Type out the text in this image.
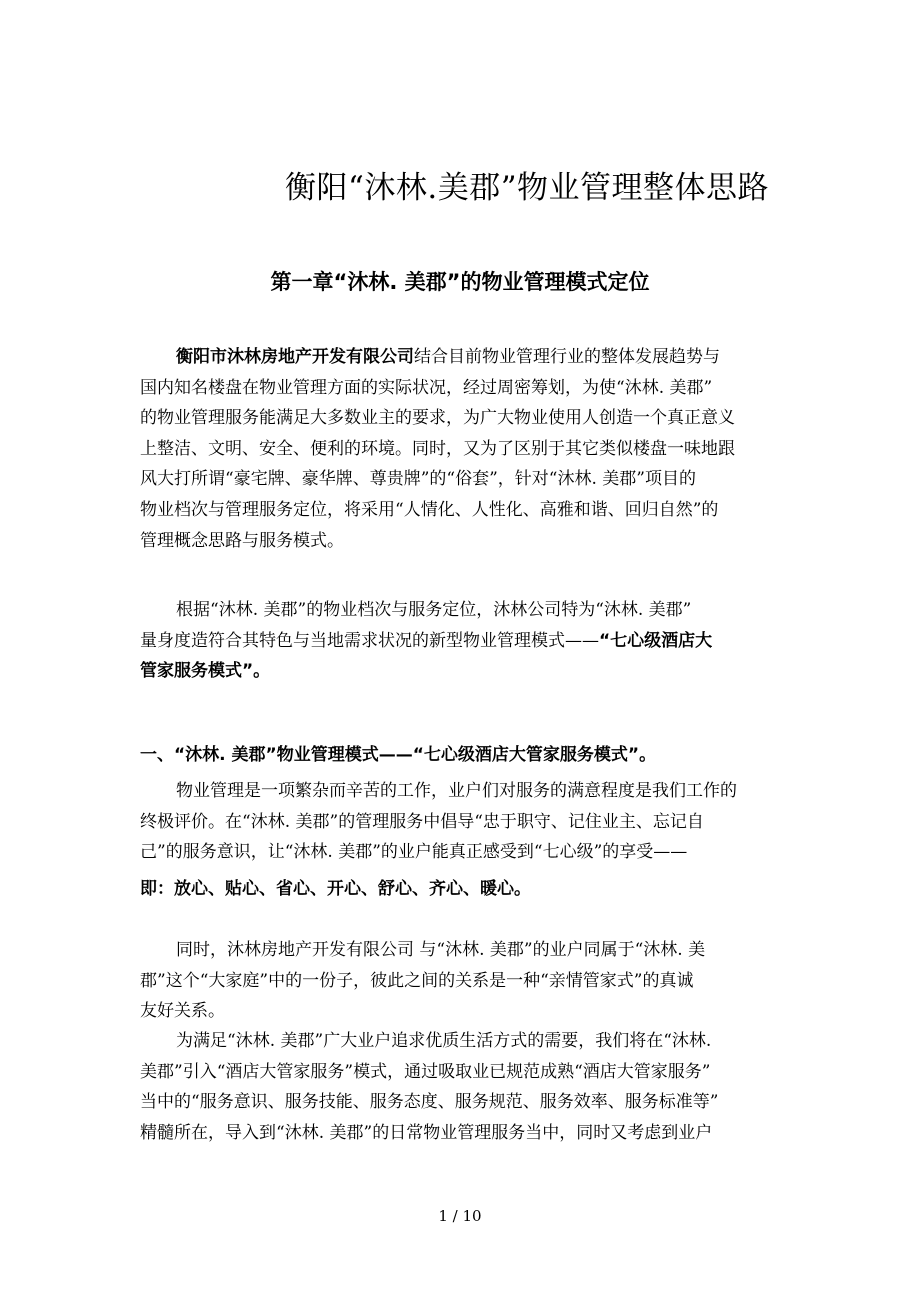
衡阳“沐林.美郡”物业管理整体思路
第一章“沐林. 美郡”的物业管理模式定位
衡阳市沐林房地产开发有限公司结合目前物业管理行业的整体发展趋势与
国内知名楼盘在物业管理方面的实际状况，经过周密筹划，为使“沐林. 美郡”
的物业管理服务能满足大多数业主的要求，为广大物业使用人创造一个真正意义
上整洁、文明、安全、便利的环境。同时，又为了区别于其它类似楼盘一味地跟
风大打所谓“豪宅牌、豪华牌、尊贵牌”的“俗套”，针对“沐林. 美郡”项目的
物业档次与管理服务定位，将采用“人情化、人性化、高雅和谐、回归自然”的
管理概念思路与服务模式。
根据“沐林. 美郡”的物业档次与服务定位，沐林公司特为“沐林. 美郡”
量身度造符合其特色与当地需求状况的新型物业管理模式——“七心级酒店大
管家服务模式”。
一、“沐林. 美郡”物业管理模式——“七心级酒店大管家服务模式”。
物业管理是一项繁杂而辛苦的工作，业户们对服务的满意程度是我们工作的
终极评价。在“沐林. 美郡”的管理服务中倡导“忠于职守、记住业主、忘记自
己”的服务意识，让“沐林. 美郡”的业户能真正感受到“七心级”的享受——
即：放心、贴心、省心、开心、舒心、齐心、暖心。
同时，沐林房地产开发有限公司 与“沐林. 美郡”的业户同属于“沐林. 美
郡”这个“大家庭”中的一份子，彼此之间的关系是一种“亲情管家式”的真诚
友好关系。
为满足“沐林. 美郡”广大业户追求优质生活方式的需要，我们将在“沐林.
美郡”引入“酒店大管家服务”模式，通过吸取业已规范成熟“酒店大管家服务”
当中的“服务意识、服务技能、服务态度、服务规范、服务效率、服务标准等”
精髓所在，导入到“沐林. 美郡”的日常物业管理服务当中，同时又考虑到业户
1 / 10
